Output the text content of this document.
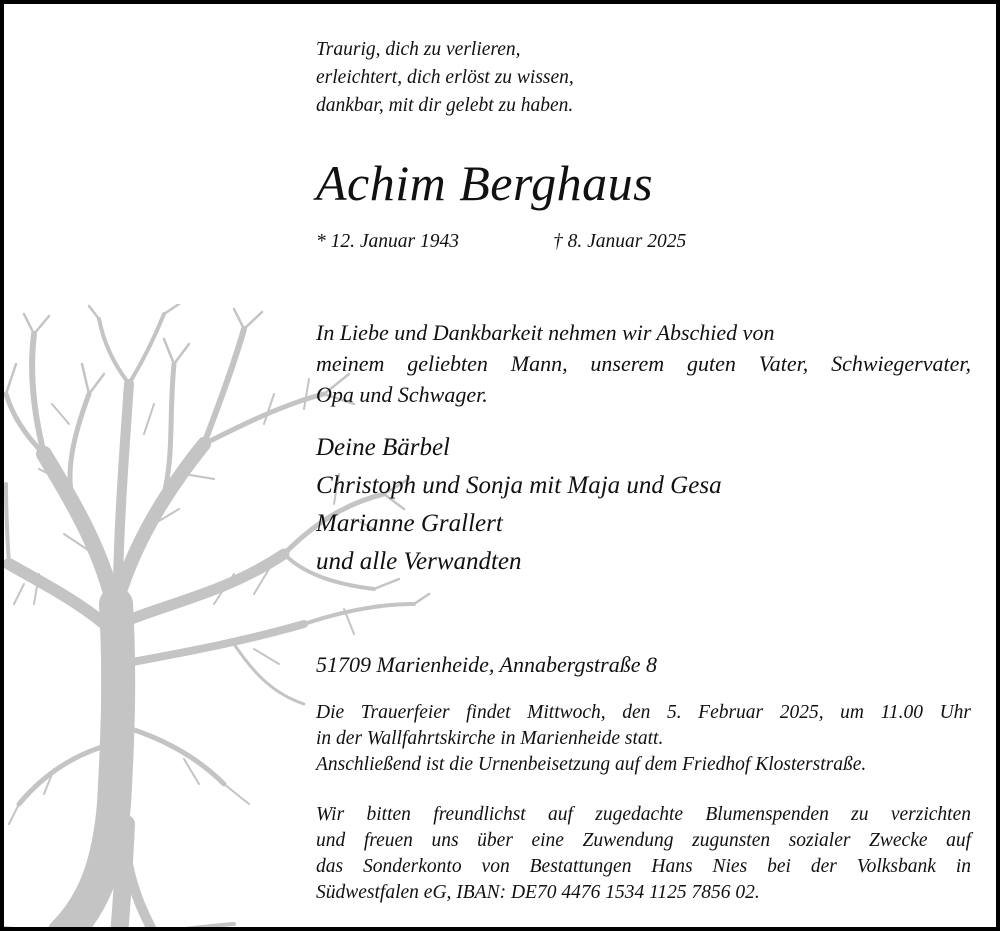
Traurig, dich zu verlieren,
erleichtert, dich erlöst zu wissen,
dankbar, mit dir gelebt zu haben.
Achim Berghaus
* 12. Januar 1943	† 8. Januar 2025
In Liebe und Dankbarkeit nehmen wir Abschied von
meinem geliebten Mann, unserem guten Vater, Schwiegervater,
Opa und Schwager.
Deine Bärbel
Christoph und Sonja mit Maja und Gesa
Marianne Grallert
und alle Verwandten
51709 Marienheide, Annabergstraße 8
Die Trauerfeier findet Mittwoch, den 5. Februar 2025, um 11.00 Uhr
in der Wallfahrtskirche in Marienheide statt.
Anschließend ist die Urnenbeisetzung auf dem Friedhof Klosterstraße.
Wir bitten freundlichst auf zugedachte Blumenspenden zu verzichten
und freuen uns über eine Zuwendung zugunsten sozialer Zwecke auf
das Sonderkonto von Bestattungen Hans Nies bei der Volksbank in
Südwestfalen eG, IBAN: DE70 4476 1534 1125 7856 02.
